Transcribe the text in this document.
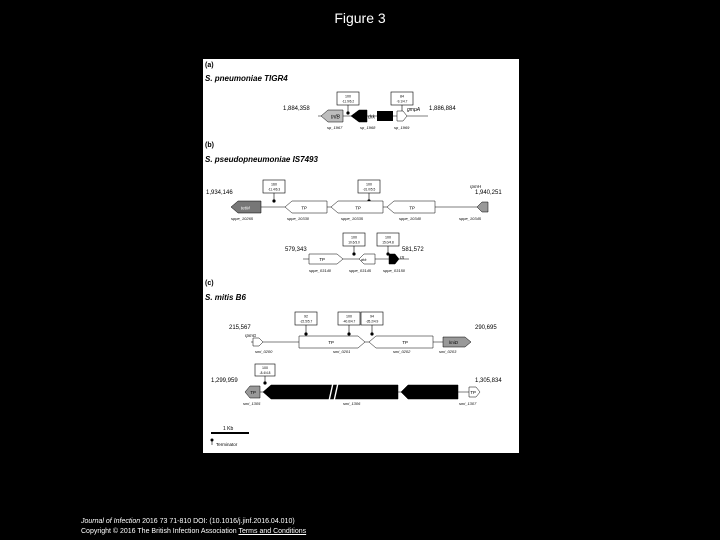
Figure 3
(a)
S. pneumoniae TIGR4
100
-11.9/6.2
84
-9.1/4.7
1,884,358	1,886,884
tnfB	drk
gmpA
sp_1967	sp_1968	sp_1969
(b)
S. pseudopneumoniae IS7493
160
-11.4/6.3
100
-31.0/5.5
1,934,146	1,940,251
rpmH
tetM	TP	TP	TP
sppe_10265	sppe_10330	sppe_10335	sppe_10340	sppe_10345
100
10.6/3.0
100
15.0/4.8
579,343	581,572
TP	drk	IS
sppe_03140	sppe_03145	sppe_03150
(c)
S. mitis B6
92
-22.5/5.7
100
-40.6/4.7
94
-35.2/4.9
215,567	290,695
rpmG
TP	TP	lmiD
smi_0200	smi_0201	smi_0202	smi_0203
100
-8.4/4.8
1,299,959	1,305,834
TP
drk
TP
smi_1305	smi_1306	smi_1307
1 Kb
Terminator
Journal of Infection 2016 73 71-810 DOI: (10.1016/j.jinf.2016.04.010)
Copyright © 2016 The British Infection Association Terms and Conditions
